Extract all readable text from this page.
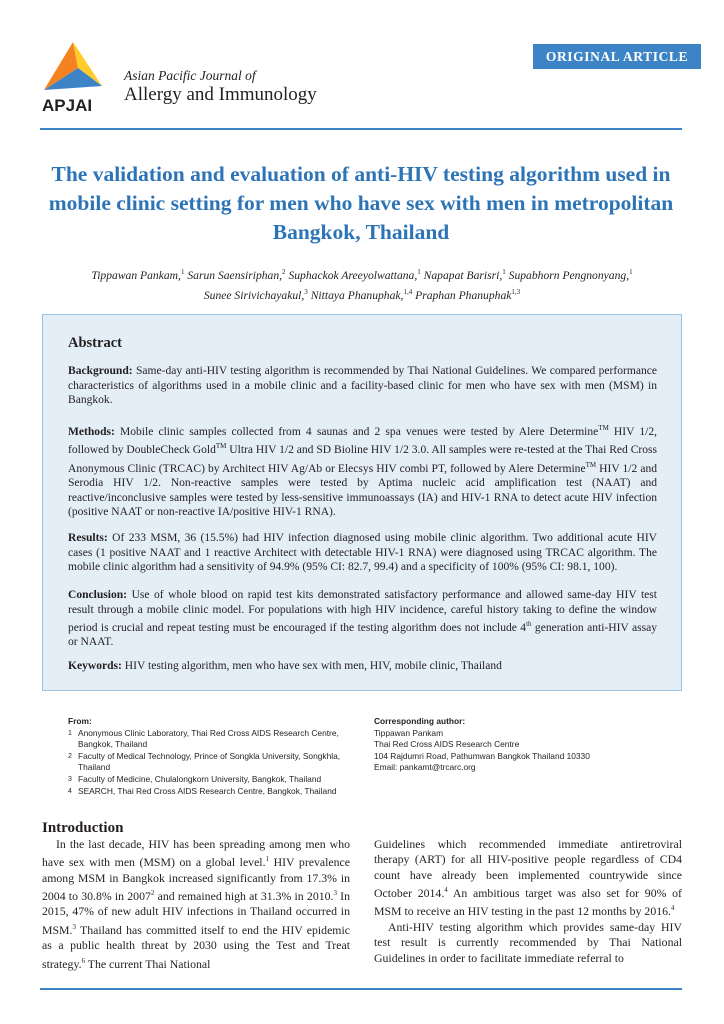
APJAI
Asian Pacific Journal of
Allergy and Immunology
ORIGINAL ARTICLE
The validation and evaluation of anti-HIV testing algorithm used in mobile clinic setting for men who have sex with men in metropolitan Bangkok, Thailand
Tippawan Pankam,$^1$ Sarun Saensiriphan,$^2$ Suphackok Areeyolwattana,$^1$ Napapat Barisri,$^1$ Supabhorn Pengnonyang,$^1$
Sunee Sirivichayakul,$^3$ Nittaya Phanuphak,$^{1,4}$ Praphan Phanuphak$^{1,3}$
Abstract

Background: Same-day anti-HIV testing algorithm is recommended by Thai National Guidelines. We compared performance characteristics of algorithms used in a mobile clinic and a facility-based clinic for men who have sex with men (MSM) in Bangkok.

Methods: Mobile clinic samples collected from 4 saunas and 2 spa venues were tested by Alere Determine™ HIV 1/2, followed by DoubleCheck Gold™ Ultra HIV 1/2 and SD Bioline HIV 1/2 3.0. All samples were re-tested at the Thai Red Cross Anonymous Clinic (TRCAC) by Architect HIV Ag/Ab or Elecsys HIV combi PT, followed by Alere Determine™ HIV 1/2 and Serodia HIV 1/2. Non-reactive samples were tested by Aptima nucleic acid amplification test (NAAT) and reactive/inconclusive samples were tested by less-sensitive immunoassays (IA) and HIV-1 RNA to detect acute HIV infection (positive NAAT or non-reactive IA/positive HIV-1 RNA).

Results: Of 233 MSM, 36 (15.5%) had HIV infection diagnosed using mobile clinic algorithm. Two additional acute HIV cases (1 positive NAAT and 1 reactive Architect with detectable HIV-1 RNA) were diagnosed using TRCAC algorithm. The mobile clinic algorithm had a sensitivity of 94.9% (95% CI: 82.7, 99.4) and a specificity of 100% (95% CI: 98.1, 100).

Conclusion: Use of whole blood on rapid test kits demonstrated satisfactory performance and allowed same-day HIV test result through a mobile clinic model. For populations with high HIV incidence, careful history taking to define the window period is crucial and repeat testing must be encouraged if the testing algorithm does not include 4th generation anti-HIV assay or NAAT.

Keywords: HIV testing algorithm, men who have sex with men, HIV, mobile clinic, Thailand

From:
1 Anonymous Clinic Laboratory, Thai Red Cross AIDS Research Centre, Bangkok, Thailand
2 Faculty of Medical Technology, Prince of Songkla University, Songkhla, Thailand
3 Faculty of Medicine, Chulalongkorn University, Bangkok, Thailand
4 SEARCH, Thai Red Cross AIDS Research Centre, Bangkok, Thailand
Corresponding author:
Tippawan Pankam
Thai Red Cross AIDS Research Centre
104 Rajdumri Road, Pathumwan Bangkok Thailand 10330
Email: pankamt@trcarc.org
Introduction

In the last decade, HIV has been spreading among men who have sex with men (MSM) on a global level.$^1$ HIV prevalence among MSM in Bangkok increased significantly from 17.3% in 2004 to 30.8% in 2007$^2$ and remained high at 31.3% in 2010.$^3$ In 2015, 47% of new adult HIV infections in Thailand occurred in MSM.$^3$ Thailand has committed itself to end the HIV epidemic as a public health threat by 2030 using the Test and Treat strategy.$^6$ The current Thai National

Guidelines which recommended immediate antiretroviral therapy (ART) for all HIV-positive people regardless of CD4 count have already been implemented countrywide since October 2014.$^4$ An ambitious target was also set for 90% of MSM to receive an HIV testing in the past 12 months by 2016.$^4$
Anti-HIV testing algorithm which provides same-day HIV test result is currently recommended by Thai National Guidelines in order to facilitate immediate referral to
